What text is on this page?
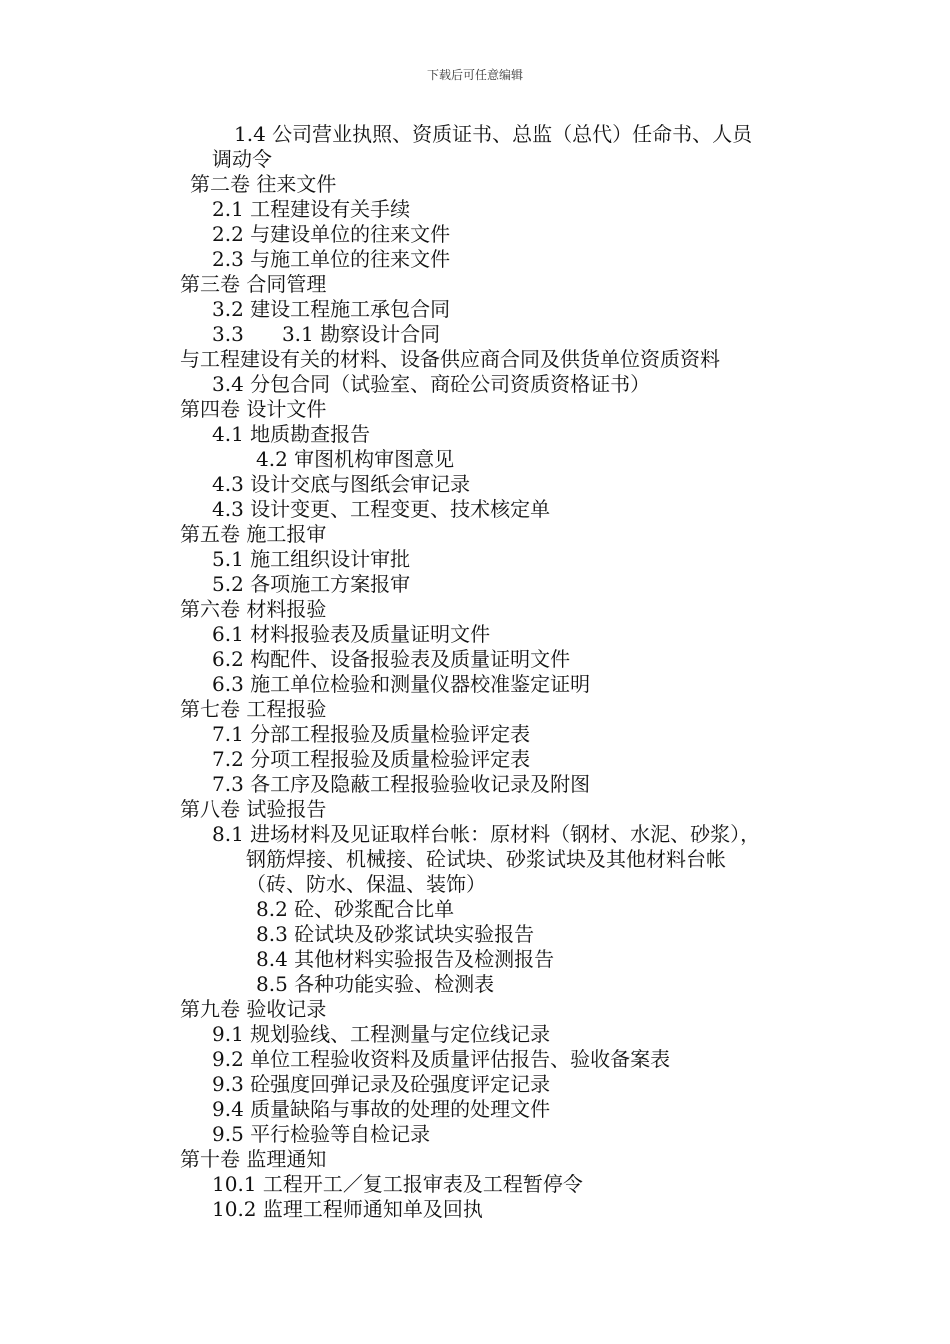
下载后可任意编辑
1.4 公司营业执照、资质证书、总监（总代）任命书、人员
调动令
第二卷 往来文件
2.1 工程建设有关手续
2.2 与建设单位的往来文件
2.3 与施工单位的往来文件
第三卷 合同管理
3.2 建设工程施工承包合同
3.3      3.1 勘察设计合同
与工程建设有关的材料、设备供应商合同及供货单位资质资料
3.4 分包合同（试验室、商砼公司资质资格证书）
第四卷 设计文件
4.1 地质勘查报告
4.2 审图机构审图意见
4.3 设计交底与图纸会审记录
4.3 设计变更、工程变更、技术核定单
第五卷 施工报审
5.1 施工组织设计审批
5.2 各项施工方案报审
第六卷 材料报验
6.1 材料报验表及质量证明文件
6.2 构配件、设备报验表及质量证明文件
6.3 施工单位检验和测量仪器校准鉴定证明
第七卷 工程报验
7.1 分部工程报验及质量检验评定表
7.2 分项工程报验及质量检验评定表
7.3 各工序及隐蔽工程报验验收记录及附图
第八卷 试验报告
8.1 进场材料及见证取样台帐：原材料（钢材、水泥、砂浆），
钢筋焊接、机械接、砼试块、砂浆试块及其他材料台帐
（砖、防水、保温、装饰）
8.2 砼、砂浆配合比单
8.3 砼试块及砂浆试块实验报告
8.4 其他材料实验报告及检测报告
8.5 各种功能实验、检测表
第九卷 验收记录
9.1 规划验线、工程测量与定位线记录
9.2 单位工程验收资料及质量评估报告、验收备案表
9.3 砼强度回弹记录及砼强度评定记录
9.4 质量缺陷与事故的处理的处理文件
9.5 平行检验等自检记录
第十卷 监理通知
10.1 工程开工／复工报审表及工程暂停令
10.2 监理工程师通知单及回执
